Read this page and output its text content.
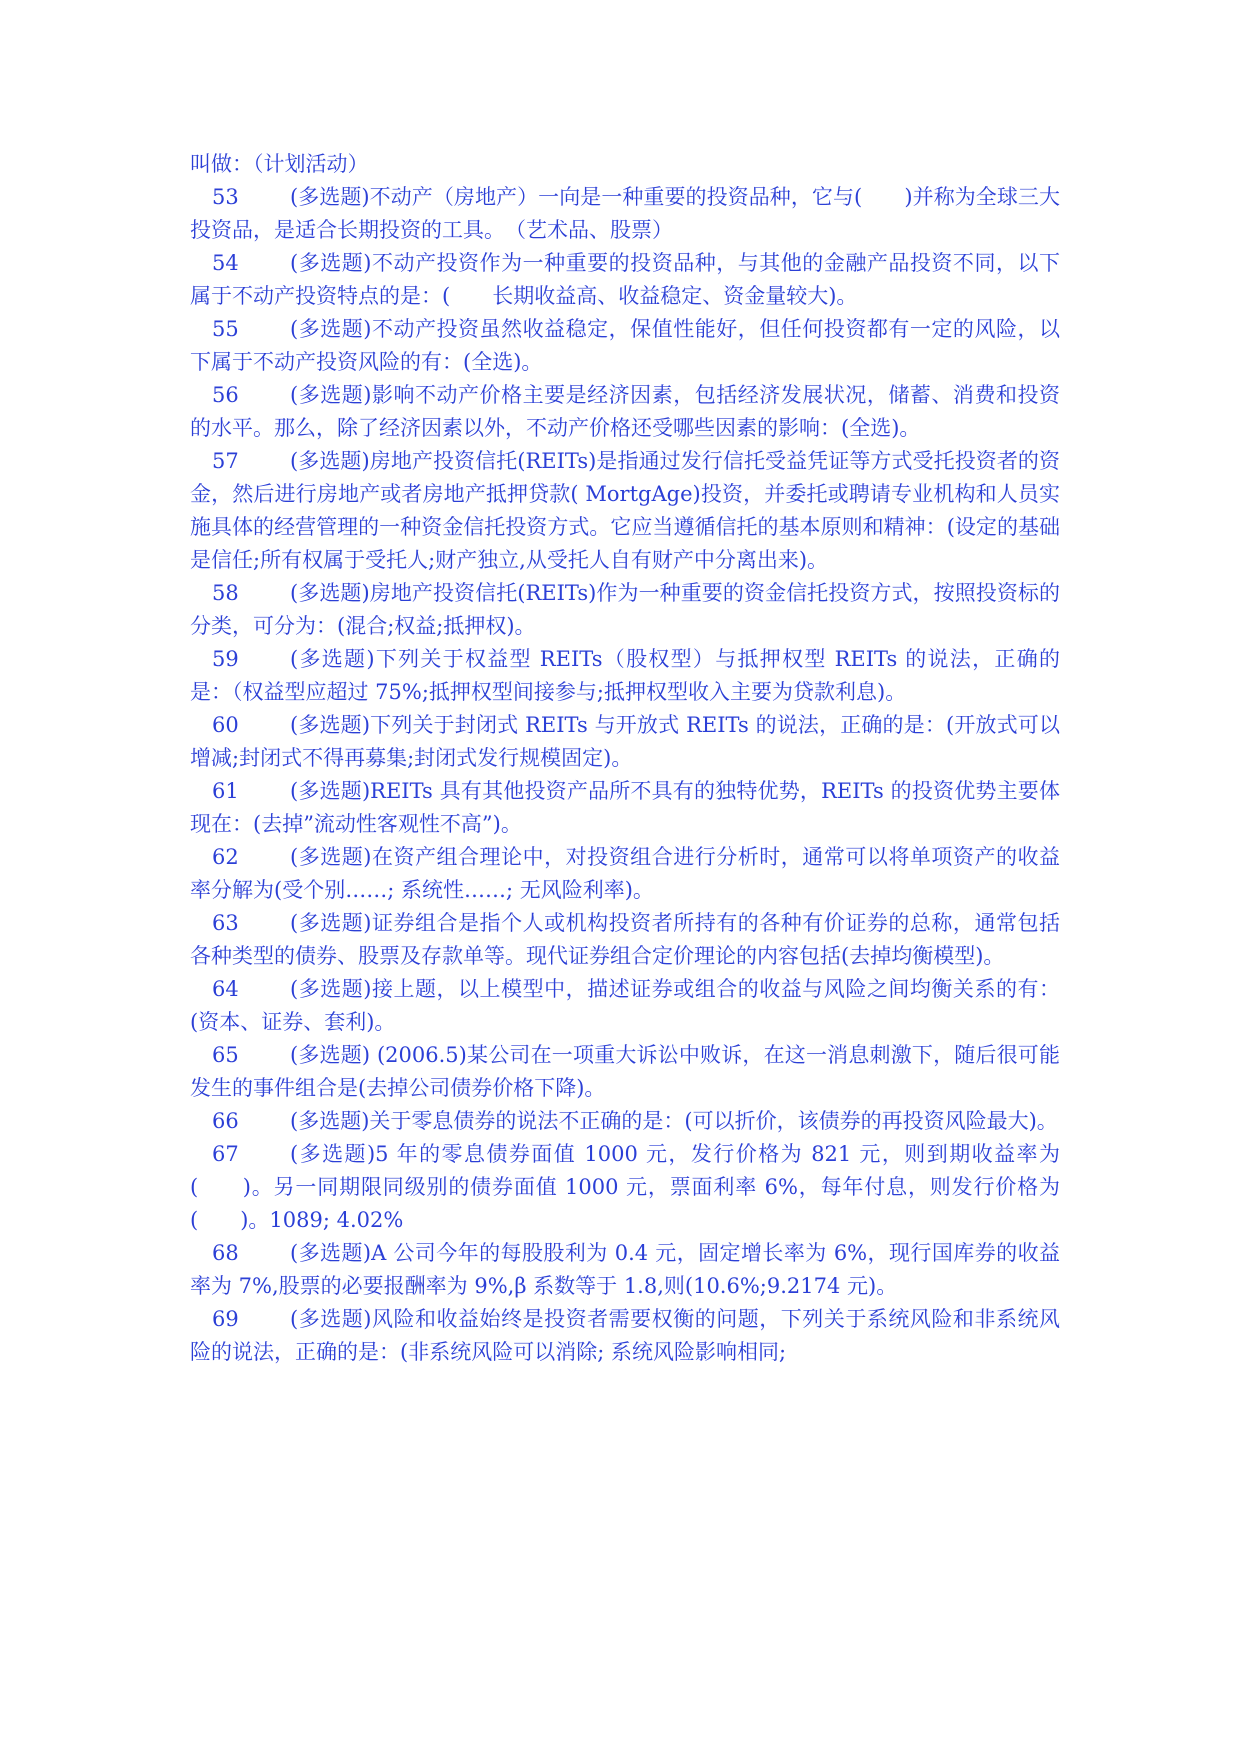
叫做：（计划活动）

53 (多选题)不动产（房地产）一向是一种重要的投资品种，它与(　　)并称为全球三大投资品，是适合长期投资的工具。　（艺术品、股票）

54 (多选题)不动产投资作为一种重要的投资品种，与其他的金融产品投资不同，以下属于不动产投资特点的是：(　　长期收益高、收益稳定、资金量较大)。

55 (多选题)不动产投资虽然收益稳定，保值性能好，但任何投资都有一定的风险，以下属于不动产投资风险的有：(全选)。

56 (多选题)影响不动产价格主要是经济因素，包括经济发展状况，储蓄、消费和投资的水平。那么，除了经济因素以外，不动产价格还受哪些因素的影响：(全选)。

57 (多选题)房地产投资信托(REITs)是指通过发行信托受益凭证等方式受托投资者的资金，然后进行房地产或者房地产抵押贷款( MortgAge)投资，并委托或聘请专业机构和人员实施具体的经营管理的一种资金信托投资方式。它应当遵循信托的基本原则和精神：(设定的基础是信任;所有权属于受托人;财产独立,从受托人自有财产中分离出来)。

58 (多选题)房地产投资信托(REITs)作为一种重要的资金信托投资方式，按照投资标的分类，可分为：(混合;权益;抵押权)。

59 (多选题)下列关于权益型 REITs（股权型）与抵押权型 REITs 的说法，正确的是：（权益型应超过 75%;抵押权型间接参与;抵押权型收入主要为贷款利息)。

60 (多选题)下列关于封闭式 REITs 与开放式 REITs 的说法，正确的是：(开放式可以增减;封闭式不得再募集;封闭式发行规模固定)。

61 (多选题)REITs 具有其他投资产品所不具有的独特优势，REITs 的投资优势主要体现在：(去掉”流动性客观性不高”)。

62 (多选题)在资产组合理论中，对投资组合进行分析时，通常可以将单项资产的收益率分解为(受个别……; 系统性……; 无风险利率)。

63 (多选题)证券组合是指个人或机构投资者所持有的各种有价证券的总称，通常包括各种类型的债券、股票及存款单等。现代证券组合定价理论的内容包括(去掉均衡模型)。

64 (多选题)接上题，以上模型中，描述证券或组合的收益与风险之间均衡关系的有：(资本、证券、套利)。

65 (多选题) (2006.5)某公司在一项重大诉讼中败诉，在这一消息刺激下，随后很可能发生的事件组合是(去掉公司债券价格下降)。

66 (多选题)关于零息债券的说法不正确的是：(可以折价，该债券的再投资风险最大)。

67 (多选题)5 年的零息债券面值 1000 元，发行价格为 821 元，则到期收益率为(　　)。另一同期限同级别的债券面值 1000 元，票面利率 6%，每年付息，则发行价格为(　　)。1089; 4.02%

68 (多选题)A 公司今年的每股股利为 0.4 元，固定增长率为 6%，现行国库券的收益率为 7%,股票的必要报酬率为 9%,β 系数等于 1.8,则(10.6%;9.2174 元)。

69 (多选题)风险和收益始终是投资者需要权衡的问题，下列关于系统风险和非系统风险的说法，正确的是：(非系统风险可以消除; 系统风险影响相同;
